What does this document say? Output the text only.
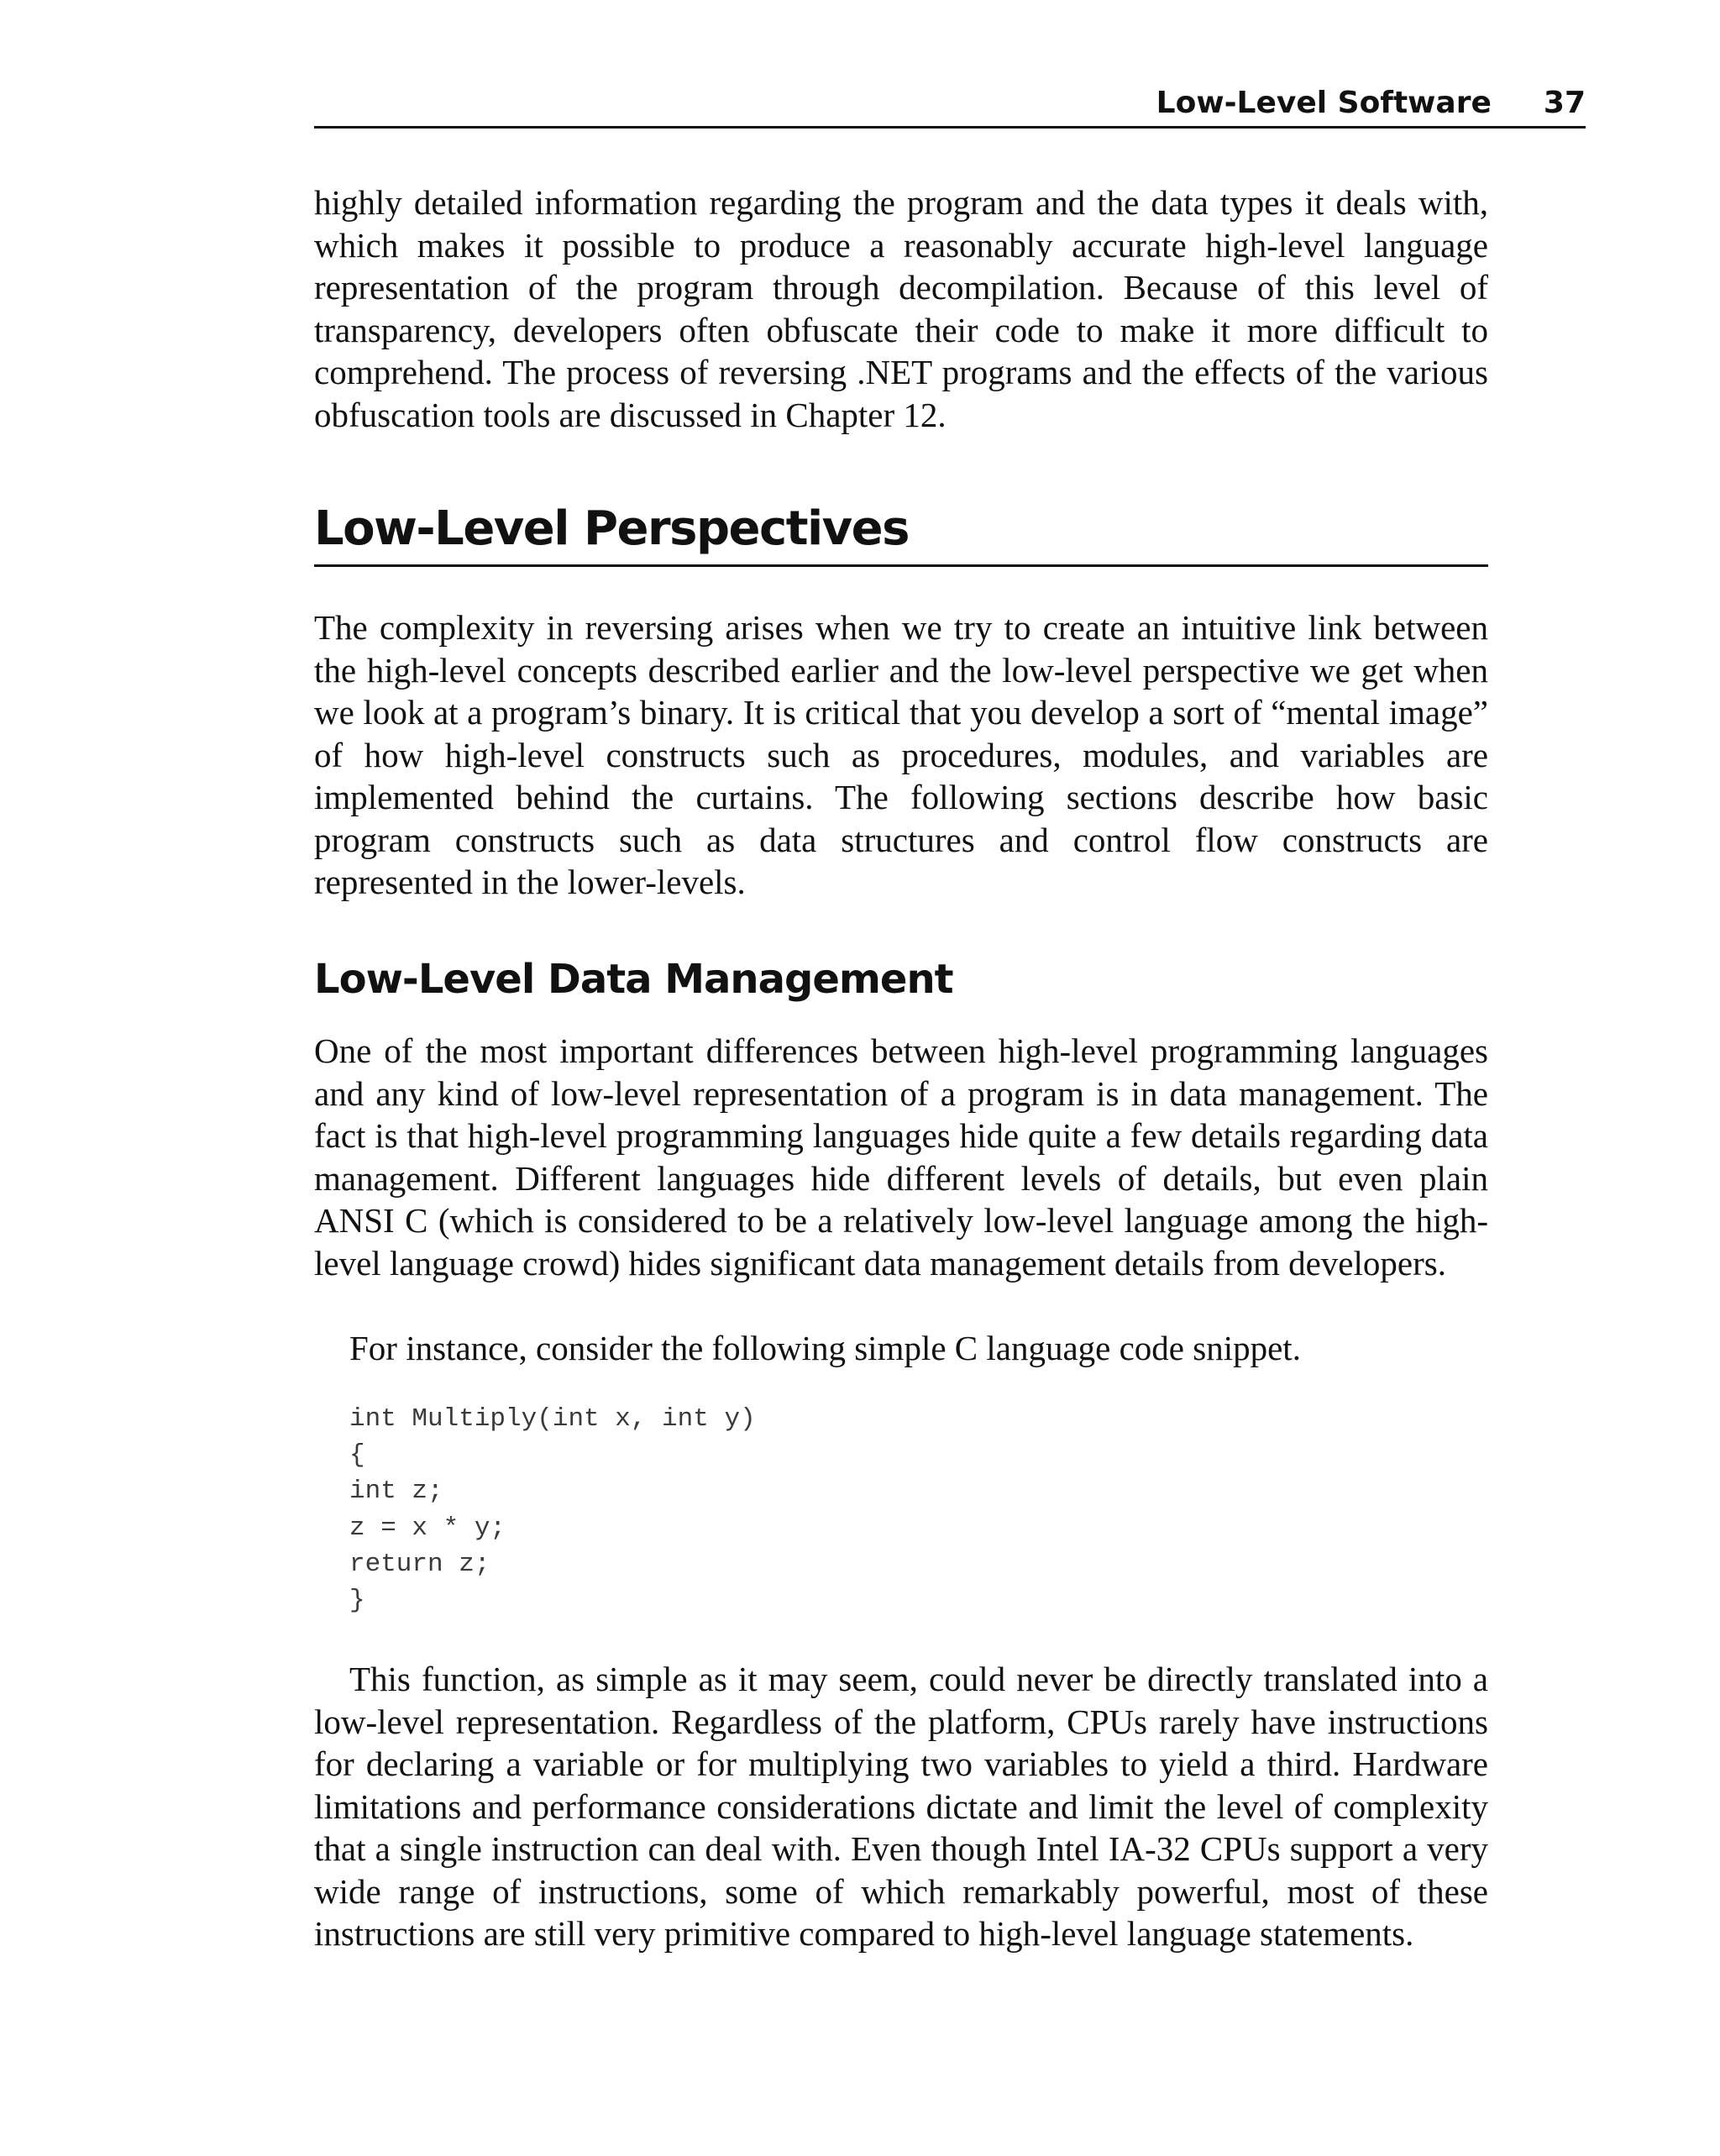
Low-Level Software 37

highly detailed information regarding the program and the data types it deals with, which makes it possible to produce a reasonably accurate high-level language representation of the program through decompilation. Because of this level of transparency, developers often obfuscate their code to make it more difficult to comprehend. The process of reversing .NET programs and the effects of the various obfuscation tools are discussed in Chapter 12.

Low-Level Perspectives

The complexity in reversing arises when we try to create an intuitive link between the high-level concepts described earlier and the low-level perspective we get when we look at a program’s binary. It is critical that you develop a sort of “mental image” of how high-level constructs such as procedures, modules, and variables are implemented behind the curtains. The following sections describe how basic program constructs such as data structures and control flow constructs are represented in the lower-levels.

Low-Level Data Management

One of the most important differences between high-level programming languages and any kind of low-level representation of a program is in data management. The fact is that high-level programming languages hide quite a few details regarding data management. Different languages hide different levels of details, but even plain ANSI C (which is considered to be a relatively low-level language among the high-level language crowd) hides significant data management details from developers.

For instance, consider the following simple C language code snippet.

int Multiply(int x, int y)
{
int z;
z = x * y;
return z;
}

This function, as simple as it may seem, could never be directly translated into a low-level representation. Regardless of the platform, CPUs rarely have instructions for declaring a variable or for multiplying two variables to yield a third. Hardware limitations and performance considerations dictate and limit the level of complexity that a single instruction can deal with. Even though Intel IA-32 CPUs support a very wide range of instructions, some of which remarkably powerful, most of these instructions are still very primitive compared to high-level language statements.
